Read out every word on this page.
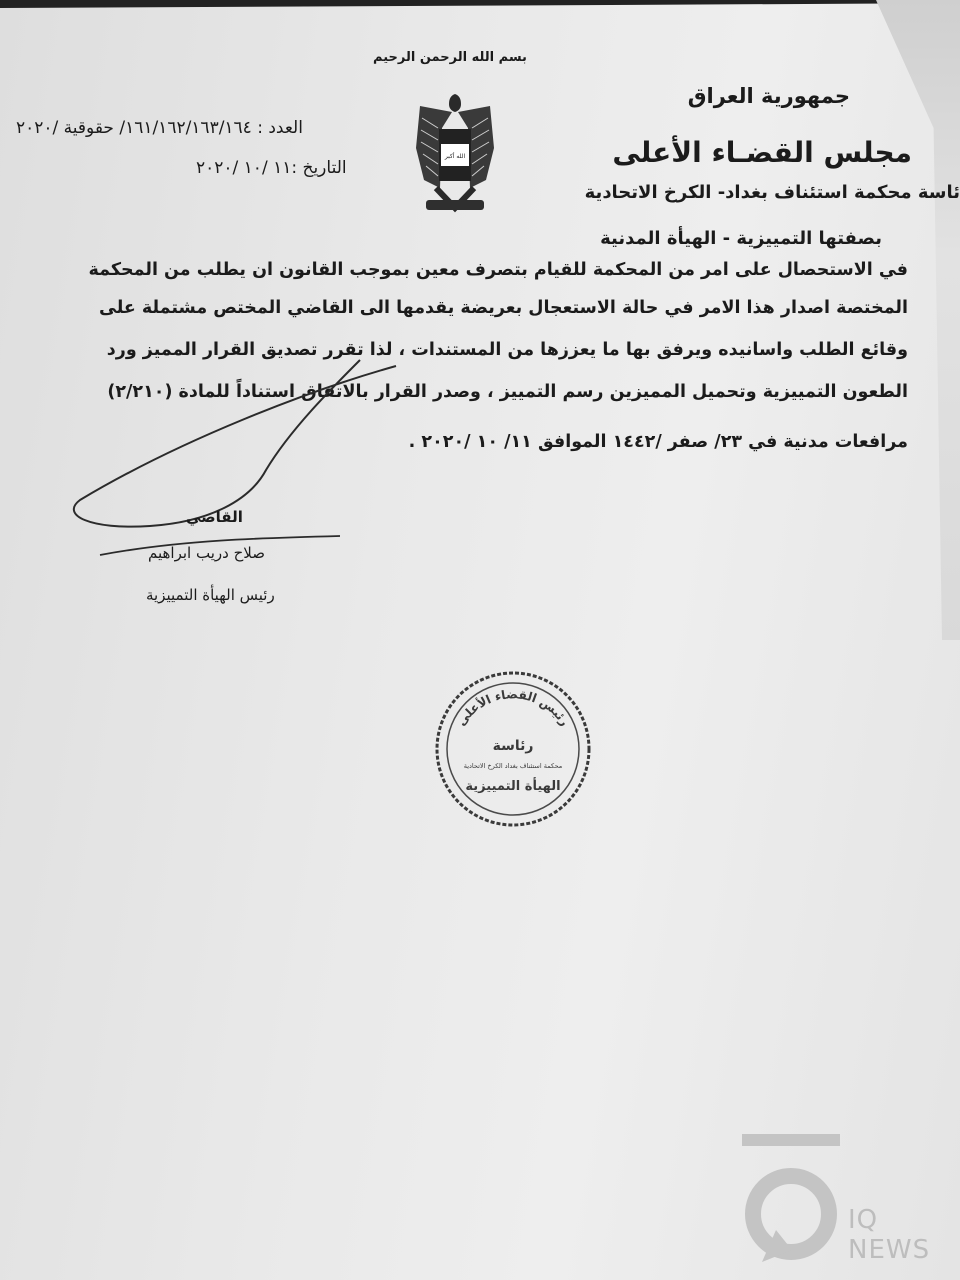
بسم الله الرحمن الرحيم
جمهورية العراق
مجلس القضـاء الأعلى
ئاسة محكمة استئناف بغداد- الكرخ الاتحادية
بصفتها التمييزية - الهيأة المدنية
العدد : ١٦١/١٦٢/١٦٣/١٦٤/ حقوقية /٢٠٢٠
التاريخ :١١ /١٠ /٢٠٢٠
الله أكبر
في الاستحصال على امر من المحكمة للقيام بتصرف معين بموجب القانون ان يطلب من المحكمة
المختصة اصدار هذا الامر في حالة الاستعجال بعريضة يقدمها الى القاضي المختص مشتملة على
وقائع الطلب واسانيده ويرفق بها ما يعززها من المستندات ، لذا تقرر تصديق القرار المميز ورد
الطعون التمييزية وتحميل المميزين رسم التمييز ، وصدر القرار بالاتفاق استناداً للمادة (٢/٢١٠)
مرافعات مدنية في ٢٣/ صفر /١٤٤٢ الموافق ١١/ ١٠ /٢٠٢٠ .
القاضي
صلاح دريب ابراهيم
رئيس الهيأة التمييزية
رئيس القضاء الأعلى
رئاسة
محكمة استئناف بغداد الكرخ الاتحادية
الهيأة التمييزية
IQ NEWS
